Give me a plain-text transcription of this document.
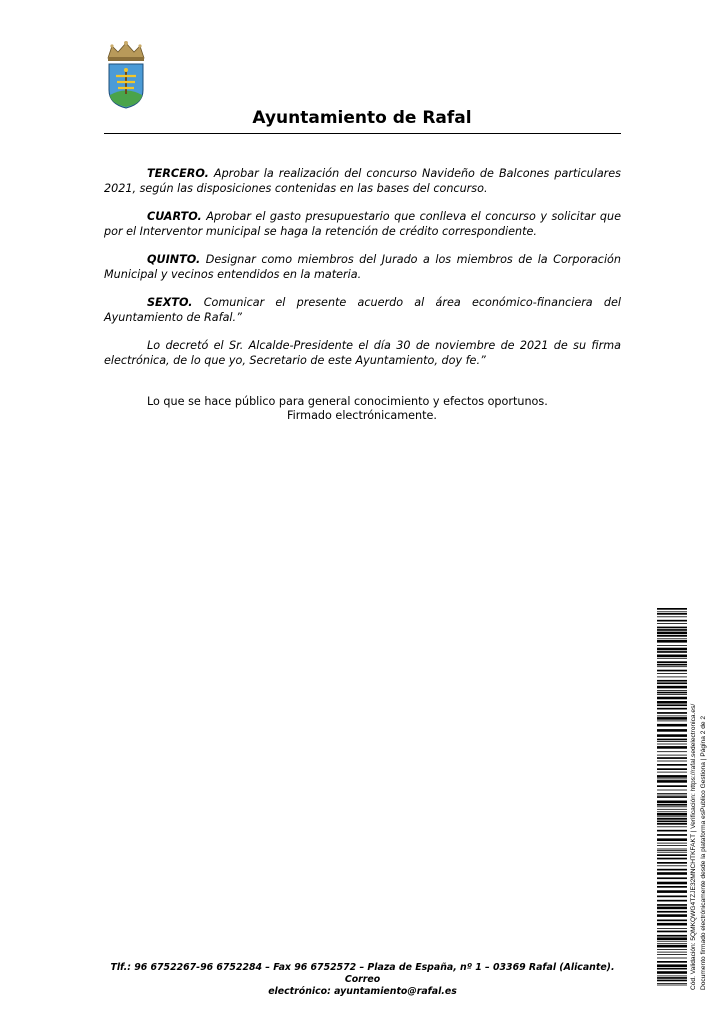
Ayuntamiento de Rafal

TERCERO. Aprobar la realización del concurso Navideño de Balcones particulares 2021, según las disposiciones contenidas en las bases del concurso.

CUARTO. Aprobar el gasto presupuestario que conlleva el concurso y solicitar que por el Interventor municipal se haga la retención de crédito correspondiente.

QUINTO. Designar como miembros del Jurado a los miembros de la Corporación Municipal y vecinos entendidos en la materia.

SEXTO. Comunicar el presente acuerdo al área económico-financiera del Ayuntamiento de Rafal.”

Lo decretó el Sr. Alcalde-Presidente el día 30 de noviembre de 2021 de su firma electrónica, de lo que yo, Secretario de este Ayuntamiento, doy fe.”

Lo que se hace público para general conocimiento y efectos oportunos.

Firmado electrónicamente.
Tlf.: 96 6752267-96 6752284 – Fax 96 6752572 – Plaza de España, nº 1 – 03369 Rafal (Alicante). Correo
electrónico: ayuntamiento@rafal.es
Cód. Validación: 5QMKQWG4TZJE32MNCHTKFAKT | Verificación: https://rafal.sedelectronica.es/ Documento firmado electrónicamente desde la plataforma esPublico Gestiona | Página 2 de 2
